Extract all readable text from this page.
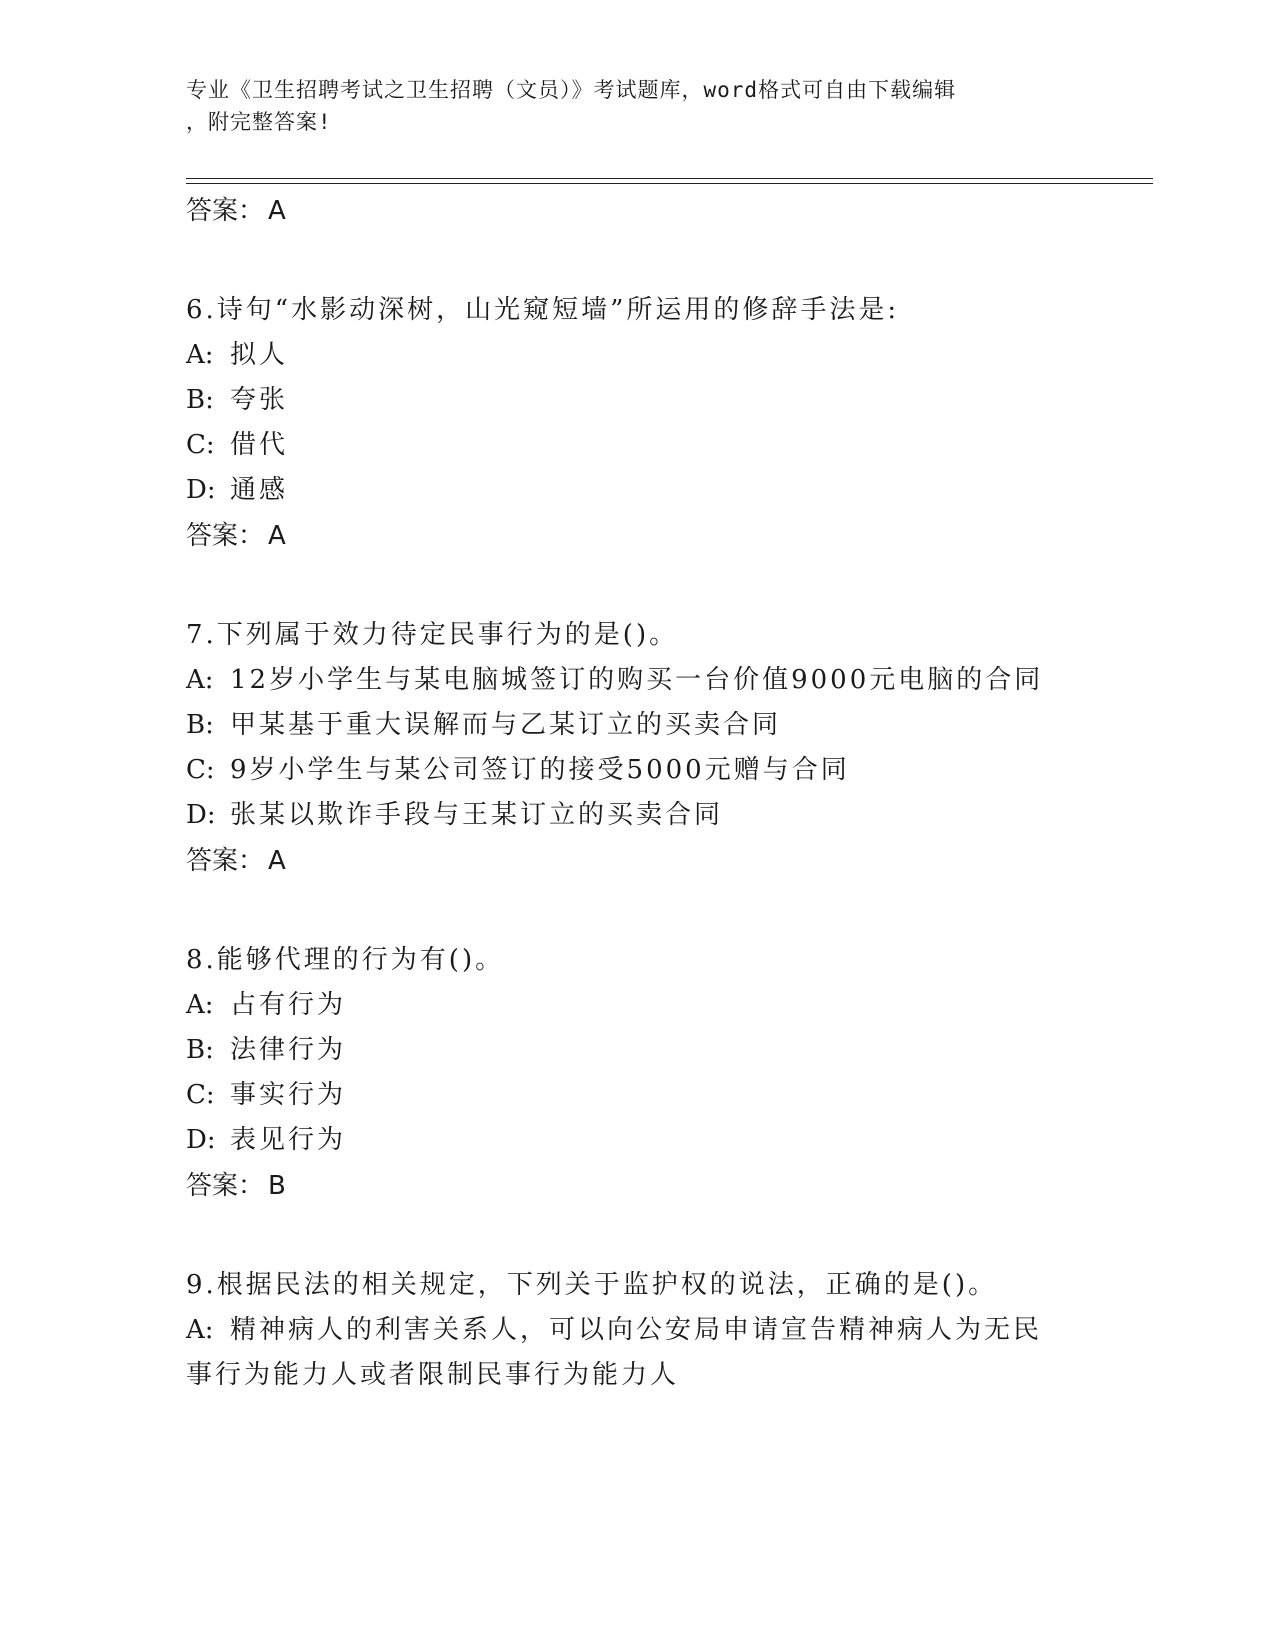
专业《卫生招聘考试之卫生招聘（文员）》考试题库，word格式可自由下载编辑
，附完整答案!
答案： A
6.诗句“水影动深树，山光窥短墙”所运用的修辞手法是:
A: 拟人
B: 夸张
C: 借代
D: 通感
答案： A
7.下列属于效力待定民事行为的是()。
A: 12岁小学生与某电脑城签订的购买一台价值9000元电脑的合同
B: 甲某基于重大误解而与乙某订立的买卖合同
C: 9岁小学生与某公司签订的接受5000元赠与合同
D: 张某以欺诈手段与王某订立的买卖合同
答案： A
8.能够代理的行为有()。
A: 占有行为
B: 法律行为
C: 事实行为
D: 表见行为
答案： B
9.根据民法的相关规定，下列关于监护权的说法，正确的是()。
A: 精神病人的利害关系人，可以向公安局申请宣告精神病人为无民事行为能力人或者限制民事行为能力人
